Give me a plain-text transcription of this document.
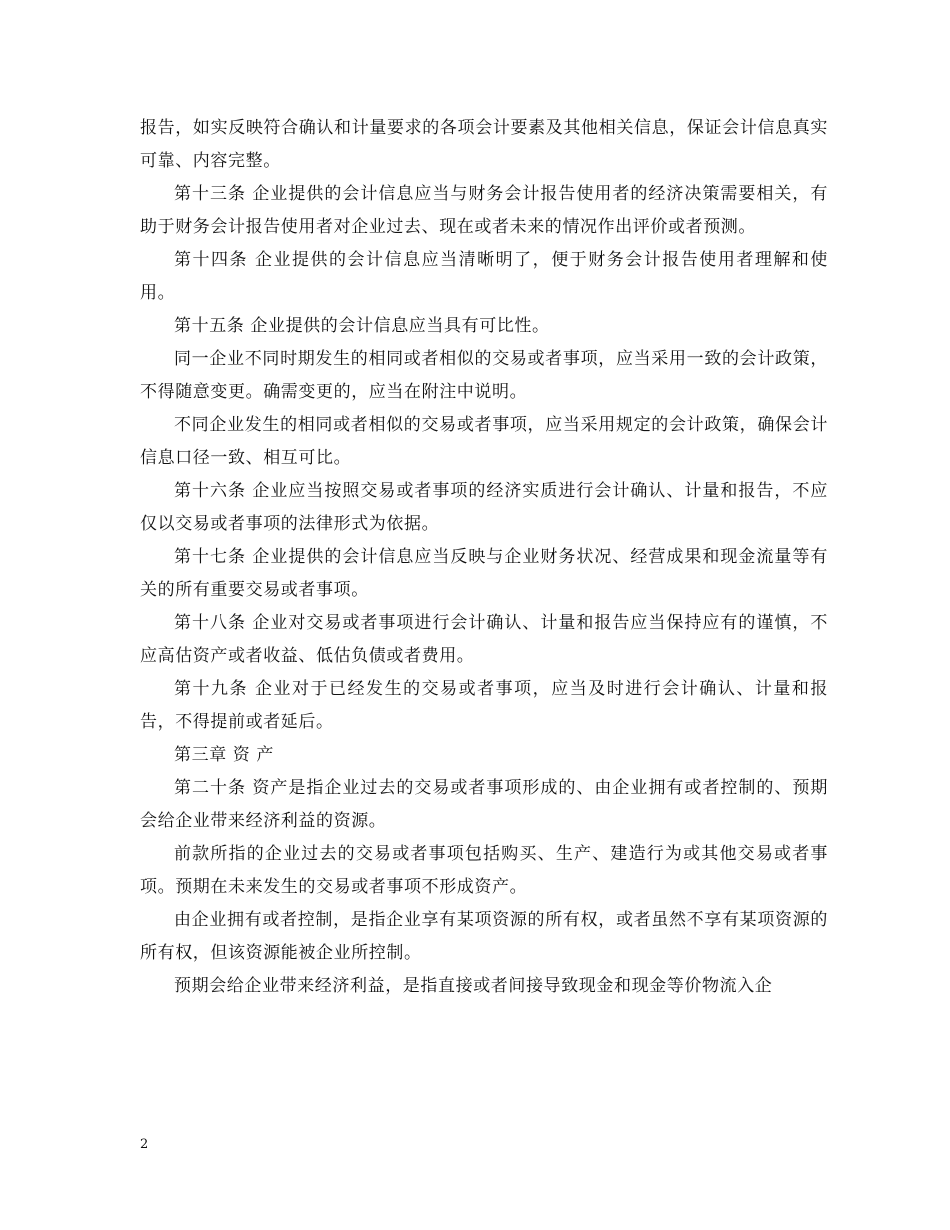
报告，如实反映符合确认和计量要求的各项会计要素及其他相关信息，保证会计信息真实可靠、内容完整。

第十三条 企业提供的会计信息应当与财务会计报告使用者的经济决策需要相关，有助于财务会计报告使用者对企业过去、现在或者未来的情况作出评价或者预测。

第十四条 企业提供的会计信息应当清晰明了，便于财务会计报告使用者理解和使用。

第十五条 企业提供的会计信息应当具有可比性。

同一企业不同时期发生的相同或者相似的交易或者事项，应当采用一致的会计政策，不得随意变更。确需变更的，应当在附注中说明。

不同企业发生的相同或者相似的交易或者事项，应当采用规定的会计政策，确保会计信息口径一致、相互可比。

第十六条 企业应当按照交易或者事项的经济实质进行会计确认、计量和报告，不应仅以交易或者事项的法律形式为依据。

第十七条 企业提供的会计信息应当反映与企业财务状况、经营成果和现金流量等有关的所有重要交易或者事项。

第十八条 企业对交易或者事项进行会计确认、计量和报告应当保持应有的谨慎，不应高估资产或者收益、低估负债或者费用。

第十九条 企业对于已经发生的交易或者事项，应当及时进行会计确认、计量和报告，不得提前或者延后。

第三章 资 产

第二十条 资产是指企业过去的交易或者事项形成的、由企业拥有或者控制的、预期会给企业带来经济利益的资源。

前款所指的企业过去的交易或者事项包括购买、生产、建造行为或其他交易或者事项。预期在未来发生的交易或者事项不形成资产。

由企业拥有或者控制，是指企业享有某项资源的所有权，或者虽然不享有某项资源的所有权，但该资源能被企业所控制。

预期会给企业带来经济利益，是指直接或者间接导致现金和现金等价物流入企

2
